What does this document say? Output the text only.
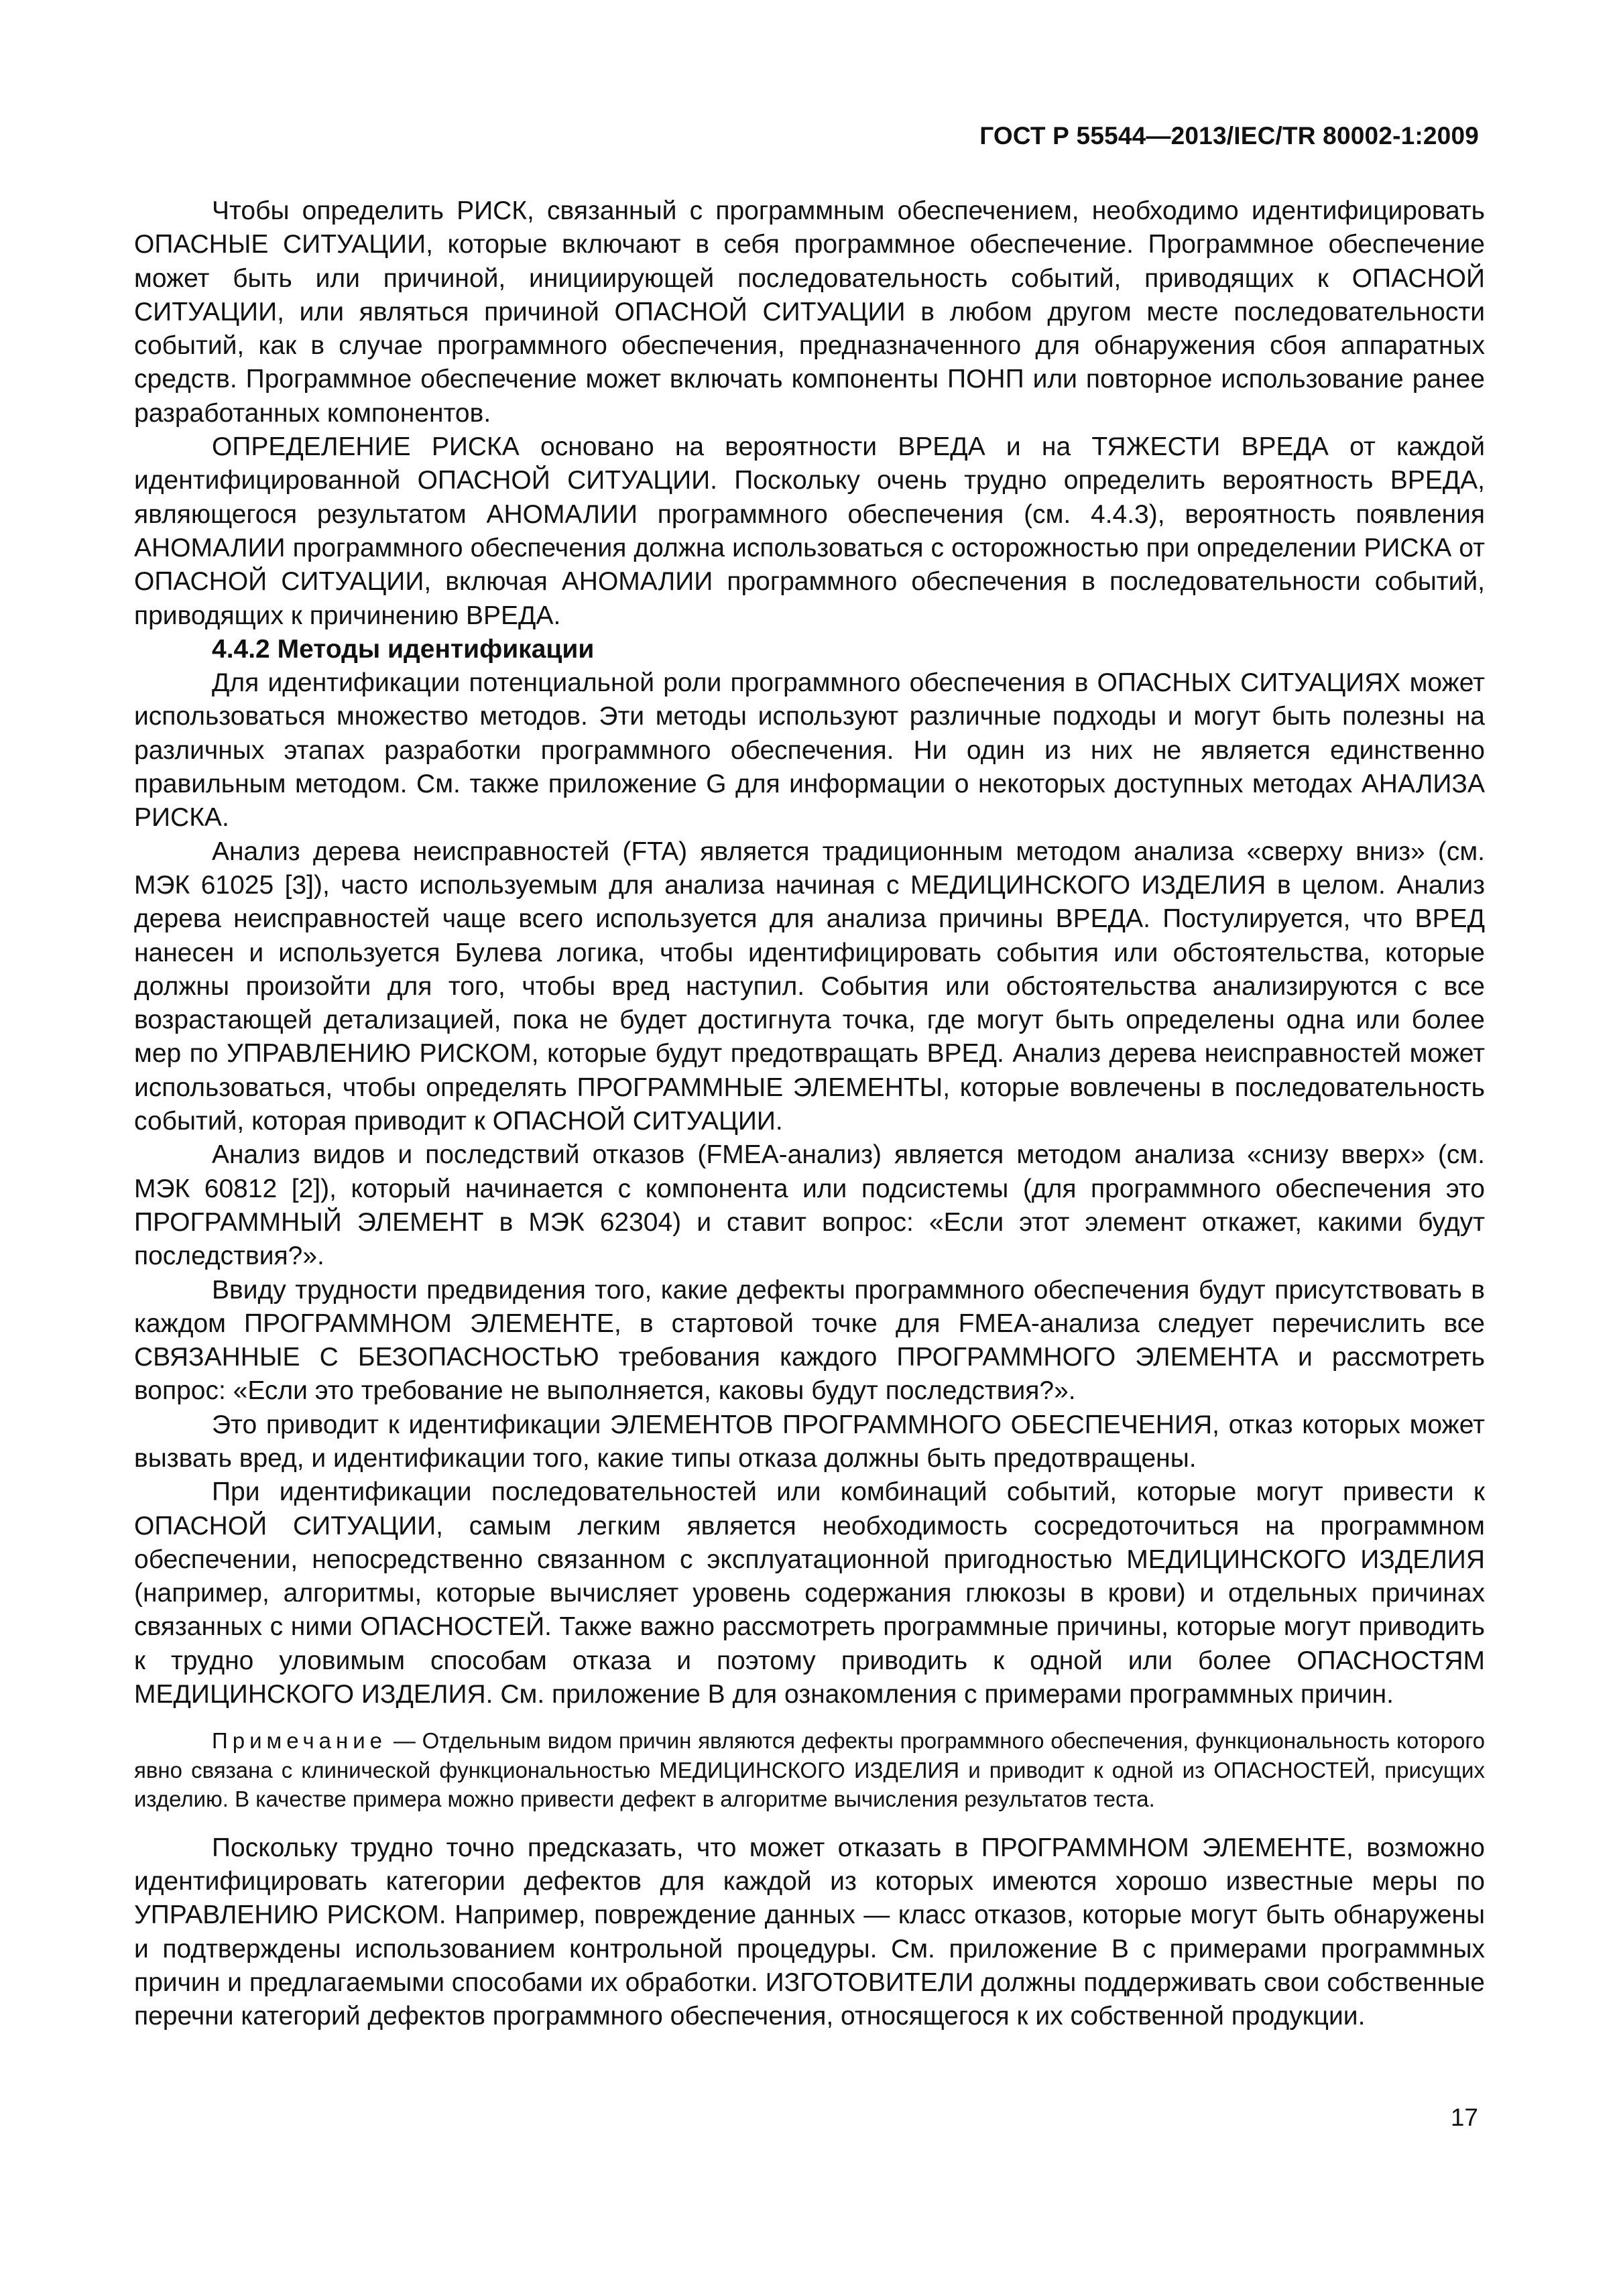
ГОСТ Р 55544—2013/IEC/TR 80002-1:2009

Чтобы определить РИСК, связанный с программным обеспечением, необходимо идентифицировать ОПАСНЫЕ СИТУАЦИИ, которые включают в себя программное обеспечение. Программное обеспечение может быть или причиной, инициирующей последовательность событий, приводящих к ОПАСНОЙ СИТУАЦИИ, или являться причиной ОПАСНОЙ СИТУАЦИИ в любом другом месте последовательности событий, как в случае программного обеспечения, предназначенного для обнаружения сбоя аппаратных средств. Программное обеспечение может включать компоненты ПОНП или повторное использование ранее разработанных компонентов.

ОПРЕДЕЛЕНИЕ РИСКА основано на вероятности ВРЕДА и на ТЯЖЕСТИ ВРЕДА от каждой идентифицированной ОПАСНОЙ СИТУАЦИИ. Поскольку очень трудно определить вероятность ВРЕДА, являющегося результатом АНОМАЛИИ программного обеспечения (см. 4.4.3), вероятность появления АНОМАЛИИ программного обеспечения должна использоваться с осторожностью при определении РИСКА от ОПАСНОЙ СИТУАЦИИ, включая АНОМАЛИИ программного обеспечения в последовательности событий, приводящих к причинению ВРЕДА.

4.4.2 Методы идентификации

Для идентификации потенциальной роли программного обеспечения в ОПАСНЫХ СИТУАЦИЯХ может использоваться множество методов. Эти методы используют различные подходы и могут быть полезны на различных этапах разработки программного обеспечения. Ни один из них не является единственно правильным методом. См. также приложение G для информации о некоторых доступных методах АНАЛИЗА РИСКА.

Анализ дерева неисправностей (FTA) является традиционным методом анализа «сверху вниз» (см. МЭК 61025 [3]), часто используемым для анализа начиная с МЕДИЦИНСКОГО ИЗДЕЛИЯ в целом. Анализ дерева неисправностей чаще всего используется для анализа причины ВРЕДА. Постулируется, что ВРЕД нанесен и используется Булева логика, чтобы идентифицировать события или обстоятельства, которые должны произойти для того, чтобы вред наступил. События или обстоятельства анализируются с все возрастающей детализацией, пока не будет достигнута точка, где могут быть определены одна или более мер по УПРАВЛЕНИЮ РИСКОМ, которые будут предотвращать ВРЕД. Анализ дерева неисправностей может использоваться, чтобы определять ПРОГРАММНЫЕ ЭЛЕМЕНТЫ, которые вовлечены в последовательность событий, которая приводит к ОПАСНОЙ СИТУАЦИИ.

Анализ видов и последствий отказов (FMEA-анализ) является методом анализа «снизу вверх» (см. МЭК 60812 [2]), который начинается с компонента или подсистемы (для программного обеспечения это ПРОГРАММНЫЙ ЭЛЕМЕНТ в МЭК 62304) и ставит вопрос: «Если этот элемент откажет, какими будут последствия?».

Ввиду трудности предвидения того, какие дефекты программного обеспечения будут присутствовать в каждом ПРОГРАММНОМ ЭЛЕМЕНТЕ, в стартовой точке для FMEA-анализа следует перечислить все СВЯЗАННЫЕ С БЕЗОПАСНОСТЬЮ требования каждого ПРОГРАММНОГО ЭЛЕМЕНТА и рассмотреть вопрос: «Если это требование не выполняется, каковы будут последствия?».

Это приводит к идентификации ЭЛЕМЕНТОВ ПРОГРАММНОГО ОБЕСПЕЧЕНИЯ, отказ которых может вызвать вред, и идентификации того, какие типы отказа должны быть предотвращены.

При идентификации последовательностей или комбинаций событий, которые могут привести к ОПАСНОЙ СИТУАЦИИ, самым легким является необходимость сосредоточиться на программном обеспечении, непосредственно связанном с эксплуатационной пригодностью МЕДИЦИНСКОГО ИЗДЕЛИЯ (например, алгоритмы, которые вычисляет уровень содержания глюкозы в крови) и отдельных причинах связанных с ними ОПАСНОСТЕЙ. Также важно рассмотреть программные причины, которые могут приводить к трудно уловимым способам отказа и поэтому приводить к одной или более ОПАСНОСТЯМ МЕДИЦИНСКОГО ИЗДЕЛИЯ. См. приложение В для ознакомления с примерами программных причин.

Примечание — Отдельным видом причин являются дефекты программного обеспечения, функциональность которого явно связана с клинической функциональностью МЕДИЦИНСКОГО ИЗДЕЛИЯ и приводит к одной из ОПАСНОСТЕЙ, присущих изделию. В качестве примера можно привести дефект в алгоритме вычисления результатов теста.

Поскольку трудно точно предсказать, что может отказать в ПРОГРАММНОМ ЭЛЕМЕНТЕ, возможно идентифицировать категории дефектов для каждой из которых имеются хорошо известные меры по УПРАВЛЕНИЮ РИСКОМ. Например, повреждение данных — класс отказов, которые могут быть обнаружены и подтверждены использованием контрольной процедуры. См. приложение В с примерами программных причин и предлагаемыми способами их обработки. ИЗГОТОВИТЕЛИ должны поддерживать свои собственные перечни категорий дефектов программного обеспечения, относящегося к их собственной продукции.

17
